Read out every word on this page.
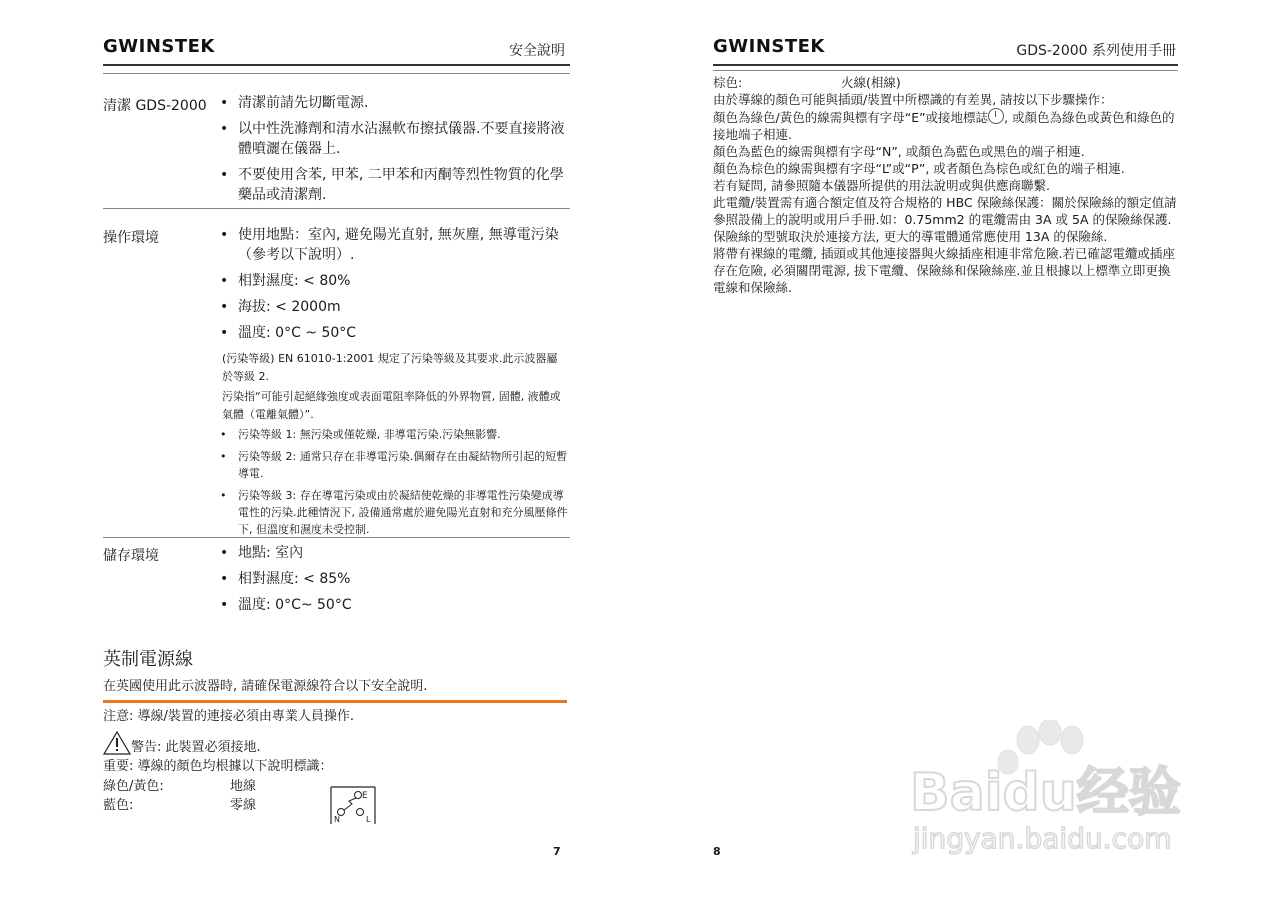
GWINSTEK	安全說明
清潔 GDS-2000	• 清潔前請先切斷電源.
• 以中性洗滌劑和清水沾濕軟布擦拭儀器.不要直接將液體噴灑在儀器上.
• 不要使用含苯, 甲苯, 二甲苯和丙酮等烈性物質的化學藥品或清潔劑.
操作環境	• 使用地點：室內, 避免陽光直射, 無灰塵, 無導電污染（參考以下說明）.
• 相對濕度: < 80%
• 海拔: < 2000m
• 溫度: 0°C ~ 50°C
(污染等級) EN 61010-1:2001 規定了污染等級及其要求.此示波器屬於等級 2.
污染指“可能引起絕緣強度或表面電阻率降低的外界物質, 固體, 液體或氣體（電離氣體）”.
• 污染等級 1: 無污染或僅乾燥, 非導電污染.污染無影響.
• 污染等級 2: 通常只存在非導電污染.偶爾存在由凝結物所引起的短暫導電.
• 污染等級 3: 存在導電污染或由於凝結使乾燥的非導電性污染變成導電性的污染.此種情況下, 設備通常處於避免陽光直射和充分風壓條件下, 但溫度和濕度未受控制.
儲存環境	• 地點: 室內
• 相對濕度: < 85%
• 溫度: 0°C~ 50°C
英制電源線
在英國使用此示波器時, 請確保電源線符合以下安全說明.
注意: 導線/裝置的連接必須由專業人員操作.
警告: 此裝置必須接地.
重要: 導線的顏色均根據以下說明標識：
綠色/黃色:	地線
藍色:	零線
E
N	L
7
GWINSTEK	GDS-2000 系列使用手冊
8

棕色:	火線(相線)

由於導線的顏色可能與插頭/裝置中所標識的有差異, 請按以下步驟操作：

顏色為綠色/黃色的線需與標有字母“E”或接地標誌 , 或顏色為綠色或黃色和綠色的接地端子相連.

顏色為藍色的線需與標有字母“N”, 或顏色為藍色或黑色的端子相連.

顏色為棕色的線需與標有字母“L”或“P”, 或者顏色為棕色或紅色的端子相連.

若有疑問, 請參照隨本儀器所提供的用法說明或與供應商聯繫.

此電纜/裝置需有適合額定值及符合規格的 HBC 保險絲保護：關於保險絲的額定值請參照設備上的說明或用戶手冊.如：0.75mm2 的電纜需由 3A 或 5A 的保險絲保護.保險絲的型號取決於連接方法, 更大的導電體通常應使用 13A 的保險絲.

將帶有裸線的電纜, 插頭或其他連接器與火線插座相連非常危險.若已確認電纜或插座存在危險, 必須關閉電源, 拔下電纜、保險絲和保險絲座.並且根據以上標準立即更換電線和保險絲.

Baidu经验
jingyan.baidu.com
